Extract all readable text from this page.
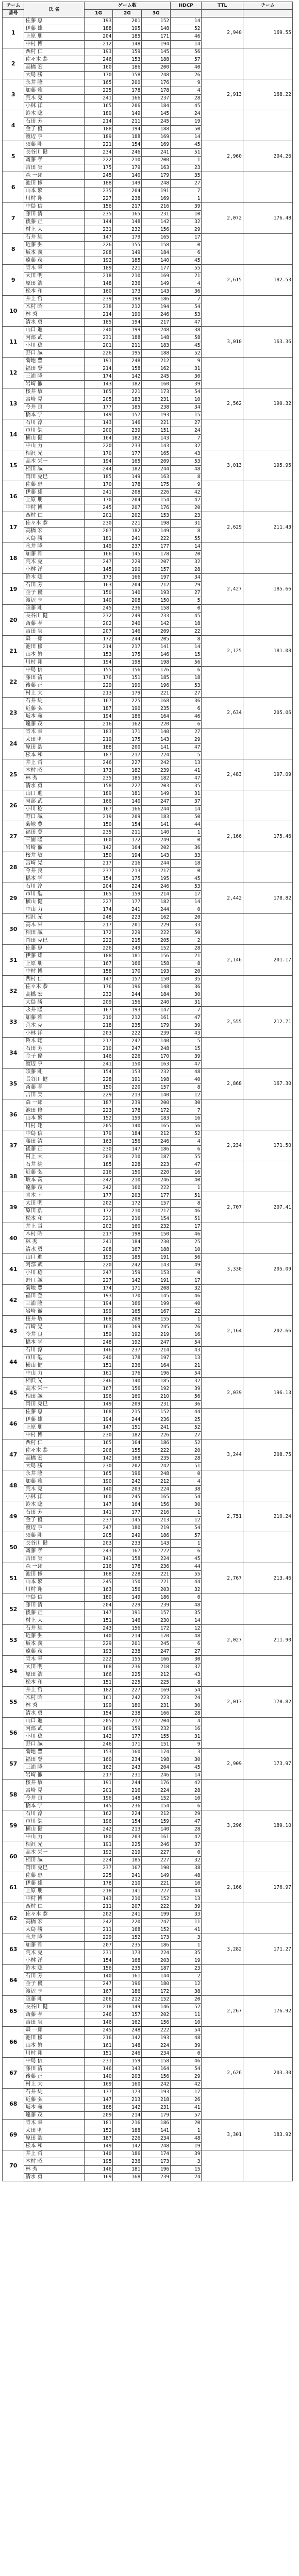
チーム	氏 名	ゲーム数			HDCP	TTL	チーム
番号		1G	2G	3G			
1	佐藤 恵	193	201	152	14	2,940	169.55
	伊藤 雄	188	195	148	52		
	上原 朋	204	185	171	46		
	中村 博	212	148	194	14		
2	西村 仁	193	159	145	56		
	佐々木 恭	246	153	188	57		
	高橋 宏	160	186	200	40		
	大島 勝	170	158	248	26		
3	永井 隆	165	200	176	9	2,913	168.22
	加藤 雅	225	178	178	4		
	荒木 克	241	166	237	28		
	小林 洋	165	206	184	45		
4	鈴木 聡	189	149	145	24		
	石田 芳	214	211	245	19		
	金子 優	188	194	188	50		
	渡辺 亨	189	188	169	14		
5	須藤 剛	221	154	169	45	2,960	204.26
	長谷川 健	234	246	241	51		
	斎藤 孝	222	210	200	1		
	吉田 実	175	179	163	23		
6	森 一郎	245	140	179	35		
	池田 修	188	149	248	27		
	山本 繁	235	204	191	7		
	川村 翔	227	238	169	1		
7	中島 信	156	217	216	39	2,072	176.48
	藤田 清	235	165	231	10		
	後藤 正	144	148	142	32		
	村上 大	231	232	156	29		
8	石井 純	147	179	165	17		
	近藤 弘	226	155	158	0		
	坂本 義	208	149	184	6		
	遠藤 茂	192	185	140	45		
9	青木 幸	189	221	177	55	2,615	182.53
	太田 明	218	210	169	21		
	原田 浩	148	236	149	4		
	松本 和	160	173	143	36		
10	井上 哲	239	198	186	7		
	木村 昭	238	212	194	54		
	林 秀	214	190	246	53		
	清水 勇	185	194	217	47		
11	山口 進	240	199	248	38	3,010	163.36
	阿部 武	231	188	148	58		
	小川 稔	201	211	183	45		
	野口 誠	226	195	188	52		
12	菊地 豊	191	248	212	9		
	福田 登	214	158	162	31		
	三浦 隆	174	142	245	30		
	岩崎 徹	143	182	160	39		
13	桜井 敏	165	221	173	54	2,562	190.32
	宮崎 晃	205	183	231	10		
	今井 良	177	185	238	34		
	橋本 学	149	157	193	15		
14	石川 淳	143	146	221	27		
	市川 勉	200	239	151	24		
	横山 健	164	182	143	7		
	中山 力	220	233	143	32		
15	相沢 光	170	177	165	43	3,013	195.95
	高木 栄一	194	165	209	53		
	相田 誠	244	182	244	48		
	岡田 克巳	185	149	163	8		
16	佐藤 恵	170	178	175	9		
	伊藤 雄	241	208	226	42		
	上原 朋	170	204	154	42		
	中村 博	245	207	176	20		
17	西村 仁	201	202	153	23	2,629	211.43
	佐々木 恭	230	221	198	31		
	高橋 宏	207	182	149	8		
	大島 勝	181	241	222	55		
18	永井 隆	149	237	177	14		
	加藤 雅	166	145	178	20		
	荒木 克	247	229	207	32		
	小林 洋	145	190	157	28		
19	鈴木 聡	173	166	197	34	2,427	185.66
	石田 芳	163	204	212	29		
	金子 優	150	140	193	27		
	渡辺 亨	140	208	150	5		
20	須藤 剛	245	236	158	0		
	長谷川 健	232	249	233	45		
	斎藤 孝	202	240	142	18		
	吉田 実	207	146	209	22		
21	森 一郎	172	244	205	8	2,125	181.08
	池田 修	214	217	141	14		
	山本 繁	153	175	146	15		
	川村 翔	194	198	198	56		
22	中島 信	155	156	176	6		
	藤田 清	176	151	185	18		
	後藤 正	229	190	196	53		
	村上 大	213	179	221	27		
23	石井 純	167	225	168	36	2,634	205.06
	近藤 弘	187	190	235	6		
	坂本 義	194	186	164	46		
	遠藤 茂	216	162	220	6		
24	青木 幸	183	171	140	27		
	太田 明	219	175	143	29		
	原田 浩	188	200	141	47		
	松本 和	187	217	224	5		
25	井上 哲	246	227	242	13	2,483	197.09
	木村 昭	173	182	239	41		
	林 秀	235	185	182	47		
	清水 勇	158	227	203	35		
26	山口 進	189	181	149	31		
	阿部 武	166	140	247	37		
	小川 稔	167	166	244	14		
	野口 誠	219	209	183	50		
27	菊地 豊	150	154	141	44	2,166	175.46
	福田 登	235	211	140	1		
	三浦 隆	160	172	249	0		
	岩崎 徹	142	164	202	36		
28	桜井 敏	150	194	143	33		
	宮崎 晃	217	216	244	18		
	今井 良	237	213	217	0		
	橋本 学	154	175	195	45		
29	石川 淳	204	224	246	53	2,442	178.82
	市川 勉	165	159	214	17		
	横山 健	227	177	182	14		
	中山 力	174	241	244	0		
30	相沢 光	248	223	162	20		
	高木 栄一	217	201	229	33		
	相田 誠	172	229	222	50		
	岡田 克巳	222	215	205	2		
31	佐藤 恵	226	249	152	28	2,146	201.17
	伊藤 雄	188	181	156	21		
	上原 朋	167	166	158	8		
	中村 博	158	170	193	20		
32	西村 仁	147	157	150	35		
	佐々木 恭	176	196	148	36		
	高橋 宏	232	244	184	30		
	大島 勝	209	156	240	31		
33	永井 隆	167	193	147	7	2,555	212.71
	加藤 雅	210	212	161	47		
	荒木 克	218	235	179	39		
	小林 洋	203	222	239	43		
34	鈴木 聡	217	247	140	5		
	石田 芳	210	247	248	15		
	金子 優	146	226	170	39		
	渡辺 亨	241	150	163	47		
35	須藤 剛	154	153	232	48	2,868	167.30
	長谷川 健	228	191	198	40		
	斎藤 孝	150	220	157	8		
	吉田 実	229	213	140	12		
36	森 一郎	187	239	200	30		
	池田 修	223	178	172	7		
	山本 繁	152	159	183	16		
	川村 翔	205	140	165	56		
37	中島 信	179	184	212	52	2,234	171.50
	藤田 清	163	156	246	4		
	後藤 正	230	147	186	6		
	村上 大	203	210	187	55		
38	石井 純	185	228	223	47		
	近藤 弘	216	150	220	16		
	坂本 義	242	210	246	40		
	遠藤 茂	242	160	222	1		
39	青木 幸	177	203	177	51	2,707	207.41
	太田 明	202	172	157	8		
	原田 浩	172	210	217	46		
	松本 和	221	216	154	51		
40	井上 哲	202	160	232	17		
	木村 昭	217	198	150	46		
	林 秀	241	184	230	25		
	清水 勇	208	167	188	10		
41	山口 進	193	185	191	56	3,330	205.09
	阿部 武	220	242	143	49		
	小川 稔	247	159	153	0		
	野口 誠	227	142	191	17		
42	菊地 豊	174	171	208	32		
	福田 登	193	170	145	46		
	三浦 隆	194	166	199	40		
	岩崎 徹	199	165	167	22		
43	桜井 敏	168	208	155	1	2,164	202.66
	宮崎 晃	163	169	245	26		
	今井 良	159	192	219	16		
	橋本 学	248	192	247	54		
44	石川 淳	146	237	214	43		
	市川 勉	240	178	197	13		
	横山 健	151	236	164	21		
	中山 力	161	176	196	54		
45	相沢 光	246	140	185	32	2,039	196.13
	高木 栄一	167	156	192	39		
	相田 誠	196	160	210	56		
	岡田 克巳	149	209	231	36		
46	佐藤 恵	168	215	152	44		
	伊藤 雄	194	244	236	25		
	上原 朋	147	151	241	52		
	中村 博	230	182	226	27		
47	西村 仁	165	164	186	52	3,244	208.75
	佐々木 恭	206	155	222	20		
	高橋 宏	142	168	235	28		
	大島 勝	230	202	242	51		
48	永井 隆	165	196	248	0		
	加藤 雅	190	242	212	4		
	荒木 克	140	203	224	38		
	小林 洋	160	245	165	54		
49	鈴木 聡	147	164	156	30	2,751	210.24
	石田 芳	141	177	216	1		
	金子 優	237	145	213	12		
	渡辺 亨	247	180	219	54		
50	須藤 剛	205	249	186	57		
	長谷川 健	203	233	143	1		
	斎藤 孝	243	167	222	6		
	吉田 実	141	158	224	45		
51	森 一郎	216	178	236	44	2,767	213.46
	池田 修	168	228	221	55		
	山本 繁	245	150	221	44		
	川村 翔	163	156	203	32		
52	中島 信	180	149	186	0		
	藤田 清	204	229	239	48		
	後藤 正	147	191	157	35		
	村上 大	151	146	230	14		
53	石井 純	243	156	172	12	2,027	211.90
	近藤 弘	140	214	170	48		
	坂本 義	229	201	245	6		
	遠藤 茂	193	238	247	27		
54	青木 幸	222	155	166	30		
	太田 明	168	236	218	37		
	原田 浩	166	225	212	43		
	松本 和	151	225	225	8		
55	井上 哲	182	227	169	54	2,013	170.82
	木村 昭	161	242	223	24		
	林 秀	199	180	231	30		
	清水 勇	154	238	166	28		
56	山口 進	205	217	204	4		
	阿部 武	169	159	232	16		
	小川 稔	142	177	155	31		
	野口 誠	246	171	151	9		
57	菊地 豊	153	160	174	3	2,909	173.97
	福田 登	160	234	198	30		
	三浦 隆	162	243	204	45		
	岩崎 徹	217	231	246	14		
58	桜井 敏	191	244	176	42		
	宮崎 晃	201	216	224	28		
	今井 良	196	148	152	10		
	橋本 学	145	236	154	6		
59	石川 淳	162	224	212	29	3,296	189.10
	市川 勉	196	154	159	47		
	横山 健	242	213	140	28		
	中山 力	180	203	161	42		
60	相沢 光	191	225	246	37		
	高木 栄一	192	219	227	0		
	相田 誠	224	185	227	32		
	岡田 克巳	237	167	190	38		
61	佐藤 恵	225	241	149	48	2,166	176.97
	伊藤 雄	178	210	221	10		
	上原 朋	218	141	227	44		
	中村 博	143	210	152	13		
62	西村 仁	211	207	222	39		
	佐々木 恭	202	241	199	33		
	高橋 宏	242	220	247	11		
	大島 勝	211	168	152	41		
63	永井 隆	229	152	173	3	3,282	171.27
	加藤 雅	207	235	186	1		
	荒木 克	231	173	224	35		
	小林 洋	154	168	203	19		
64	鈴木 聡	156	235	187	23		
	石田 芳	140	161	144	2		
	金子 優	247	196	180	12		
	渡辺 亨	167	186	172	38		
65	須藤 剛	206	212	152	20	2,267	176.92
	長谷川 健	218	149	146	52		
	斎藤 孝	246	157	202	11		
	吉田 実	146	162	156	10		
66	森 一郎	245	248	222	54		
	池田 修	216	142	193	48		
	山本 繁	161	148	224	39		
	川村 翔	151	246	234	0		
67	中島 信	231	159	158	46	2,626	203.30
	藤田 清	146	143	164	54		
	後藤 正	140	203	156	29		
	村上 大	169	160	242	42		
68	石井 純	177	173	193	17		
	近藤 弘	147	213	218	26		
	坂本 義	168	142	231	41		
	遠藤 茂	209	214	179	57		
69	青木 幸	181	216	186	20	3,301	183.92
	太田 明	152	188	141	1		
	原田 浩	187	226	234	48		
	松本 和	149	142	248	19		
70	井上 哲	140	186	174	39		
	木村 昭	195	236	173	3		
	林 秀	146	181	196	15		
	清水 勇	169	168	239	24		
